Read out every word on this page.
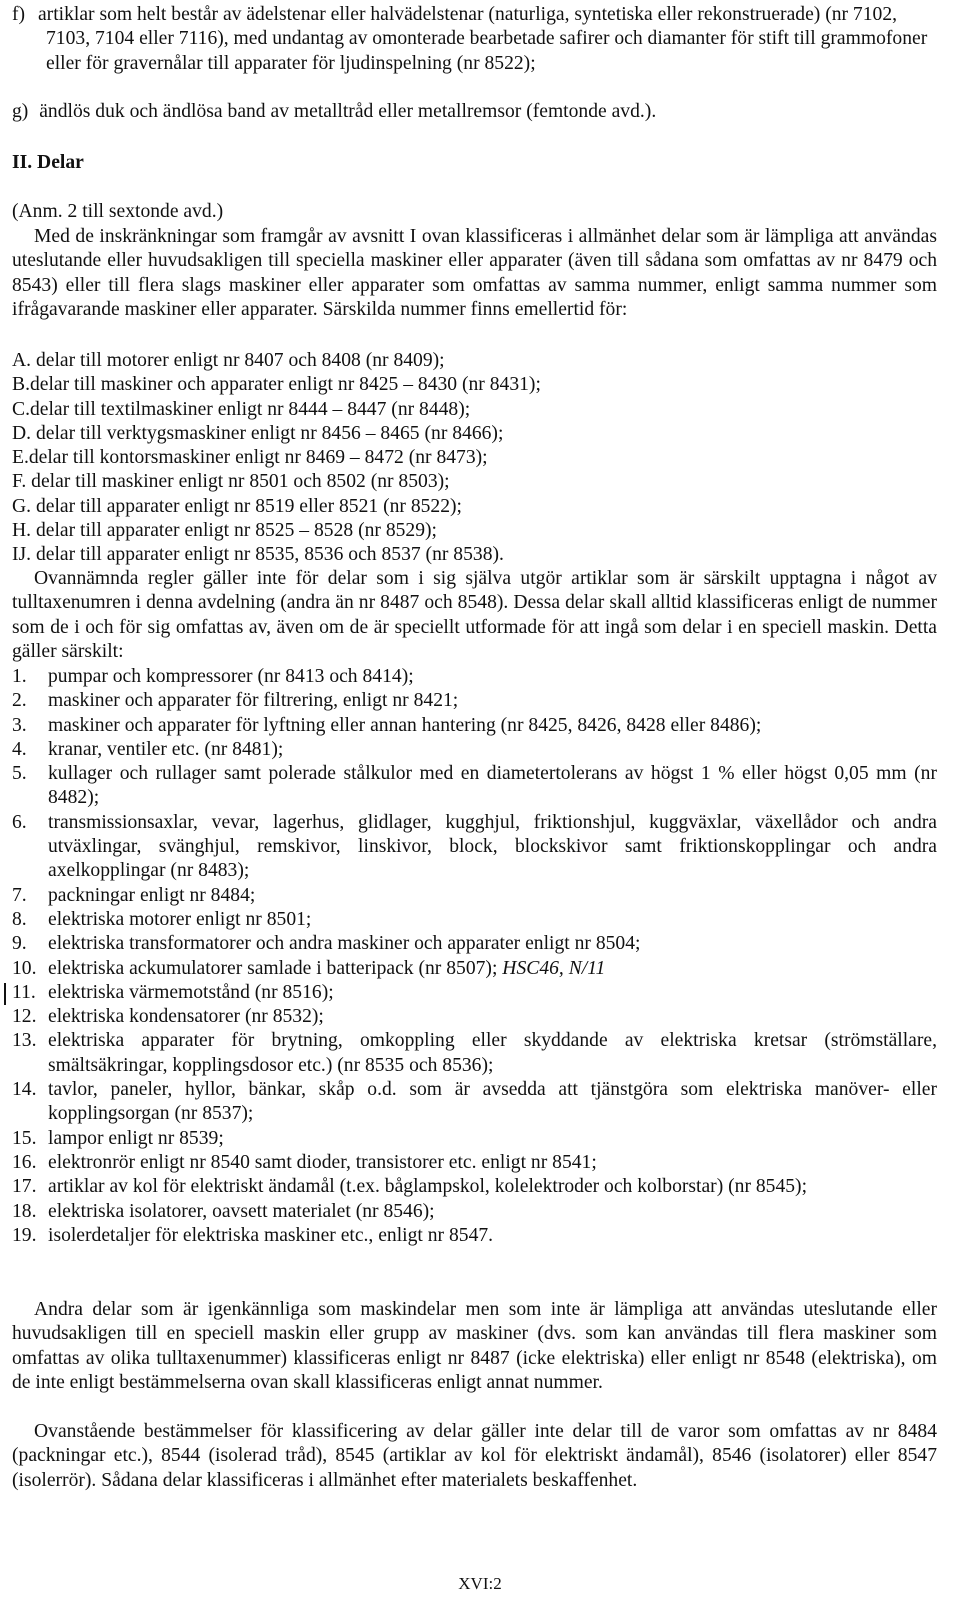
f) artiklar som helt består av ädelstenar eller halvädelstenar (naturliga, syntetiska eller rekonstruerade) (nr 7102, 7103, 7104 eller 7116), med undantag av omonterade bearbetade safirer och diamanter för stift till grammofoner eller för gravernålar till apparater för ljudinspelning (nr 8522);
g) ändlös duk och ändlösa band av metalltråd eller metallremsor (femtonde avd.).
II. Delar
(Anm. 2 till sextonde avd.)

Med de inskränkningar som framgår av avsnitt I ovan klassificeras i allmänhet delar som är lämpliga att användas uteslutande eller huvudsakligen till speciella maskiner eller apparater (även till sådana som omfattas av nr 8479 och 8543) eller till flera slags maskiner eller apparater som omfattas av samma nummer, enligt samma nummer som ifrågavarande maskiner eller apparater. Särskilda nummer finns emellertid för:

A. delar till motorer enligt nr 8407 och 8408 (nr 8409);
B.delar till maskiner och apparater enligt nr 8425 – 8430 (nr 8431);
C.delar till textilmaskiner enligt nr 8444 – 8447 (nr 8448);
D. delar till verktygsmaskiner enligt nr 8456 – 8465 (nr 8466);
E.delar till kontorsmaskiner enligt nr 8469 – 8472 (nr 8473);
F. delar till maskiner enligt nr 8501 och 8502 (nr 8503);
G. delar till apparater enligt nr 8519 eller 8521 (nr 8522);
H. delar till apparater enligt nr 8525 – 8528 (nr 8529);
IJ. delar till apparater enligt nr 8535, 8536 och 8537 (nr 8538).

Ovannämnda regler gäller inte för delar som i sig själva utgör artiklar som är särskilt upptagna i något av tulltaxenumren i denna avdelning (andra än nr 8487 och 8548). Dessa delar skall alltid klassificeras enligt de nummer som de i och för sig omfattas av, även om de är speciellt utformade för att ingå som delar i en speciell maskin. Detta gäller särskilt:

1. pumpar och kompressorer (nr 8413 och 8414);
2. maskiner och apparater för filtrering, enligt nr 8421;
3. maskiner och apparater för lyftning eller annan hantering (nr 8425, 8426, 8428 eller 8486);
4. kranar, ventiler etc. (nr 8481);
5. kullager och rullager samt polerade stålkulor med en diametertolerans av högst 1 % eller högst 0,05 mm (nr 8482);
6. transmissionsaxlar, vevar, lagerhus, glidlager, kugghjul, friktionshjul, kuggväxlar, växellådor och andra utväxlingar, svänghjul, remskivor, linskivor, block, blockskivor samt friktionskopplingar och andra axelkopplingar (nr 8483);
7. packningar enligt nr 8484;
8. elektriska motorer enligt nr 8501;
9. elektriska transformatorer och andra maskiner och apparater enligt nr 8504;
10. elektriska ackumulatorer samlade i batteripack (nr 8507); HSC46, N/11
11. elektriska värmemotstånd (nr 8516);
12. elektriska kondensatorer (nr 8532);
13. elektriska apparater för brytning, omkoppling eller skyddande av elektriska kretsar (strömställare, smältsäkringar, kopplingsdosor etc.) (nr 8535 och 8536);
14. tavlor, paneler, hyllor, bänkar, skåp o.d. som är avsedda att tjänstgöra som elektriska manöver- eller kopplingsorgan (nr 8537);
15. lampor enligt nr 8539;
16. elektronrör enligt nr 8540 samt dioder, transistorer etc. enligt nr 8541;
17. artiklar av kol för elektriskt ändamål (t.ex. båglampskol, kolelektroder och kolborstar) (nr 8545);
18. elektriska isolatorer, oavsett materialet (nr 8546);
19. isolerdetaljer för elektriska maskiner etc., enligt nr 8547.

Andra delar som är igenkännliga som maskindelar men som inte är lämpliga att användas uteslutande eller huvudsakligen till en speciell maskin eller grupp av maskiner (dvs. som kan användas till flera maskiner som omfattas av olika tulltaxenummer) klassificeras enligt nr 8487 (icke elektriska) eller enligt nr 8548 (elektriska), om de inte enligt bestämmelserna ovan skall klassificeras enligt annat nummer.

Ovanstående bestämmelser för klassificering av delar gäller inte delar till de varor som omfattas av nr 8484 (packningar etc.), 8544 (isolerad tråd), 8545 (artiklar av kol för elektriskt ändamål), 8546 (isolatorer) eller 8547 (isolerrör). Sådana delar klassificeras i allmänhet efter materialets beskaffenhet.

XVI:2
